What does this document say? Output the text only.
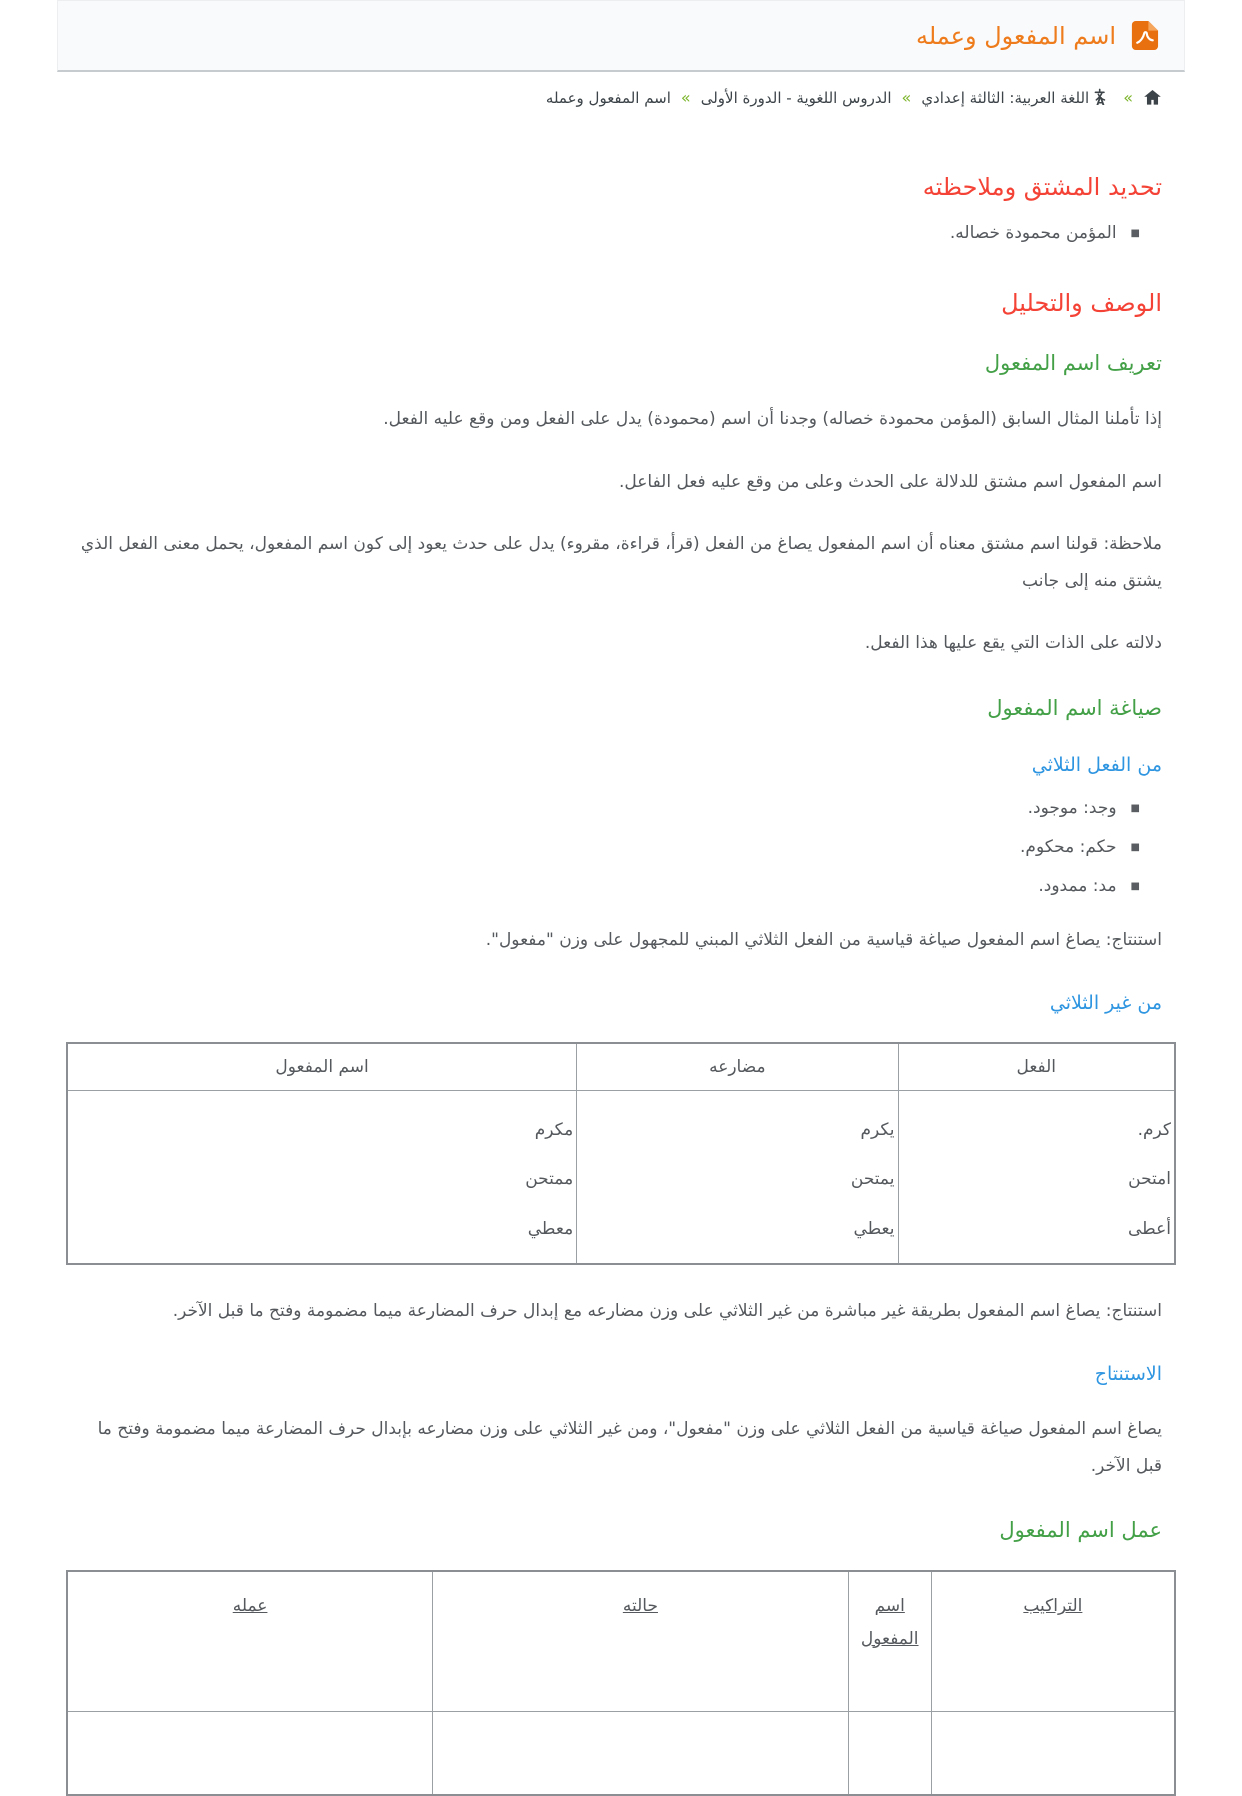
اسم المفعول وعمله
»
A
اللغة العربية: الثالثة إعدادي
»
الدروس اللغوية - الدورة الأولى
»
اسم المفعول وعمله
تحديد المشتق وملاحظته
■ المؤمن محمودة خصاله.
الوصف والتحليل
تعريف اسم المفعول

إذا تأملنا المثال السابق (المؤمن محمودة خصاله) وجدنا أن اسم (محمودة) يدل على الفعل ومن وقع عليه الفعل.

اسم المفعول اسم مشتق للدلالة على الحدث وعلى من وقع عليه فعل الفاعل.

ملاحظة: قولنا اسم مشتق معناه أن اسم المفعول يصاغ من الفعل (قرأ، قراءة، مقروء) يدل على حدث يعود إلى كون اسم المفعول، يحمل معنى الفعل الذي يشتق منه إلى جانب

دلالته على الذات التي يقع عليها هذا الفعل.

صياغة اسم المفعول
من الفعل الثلاثي
■ وجد: موجود.
■ حكم: محكوم.
■ مد: ممدود.

استنتاج: يصاغ اسم المفعول صياغة قياسية من الفعل الثلاثي المبني للمجهول على وزن "مفعول".

من غير الثلاثي
الفعل	مضارعه	اسم المفعول
كرم.	يكرم	مكرم
امتحن	يمتحن	ممتحن
أعطى	يعطي	معطي

استنتاج: يصاغ اسم المفعول بطريقة غير مباشرة من غير الثلاثي على وزن مضارعه مع إبدال حرف المضارعة ميما مضمومة وفتح ما قبل الآخر.

الاستنتاج

يصاغ اسم المفعول صياغة قياسية من الفعل الثلاثي على وزن "مفعول"، ومن غير الثلاثي على وزن مضارعه بإبدال حرف المضارعة ميما مضمومة وفتح ما قبل الآخر.

عمل اسم المفعول
التراكيب	اسم المفعول	حالته	عمله
